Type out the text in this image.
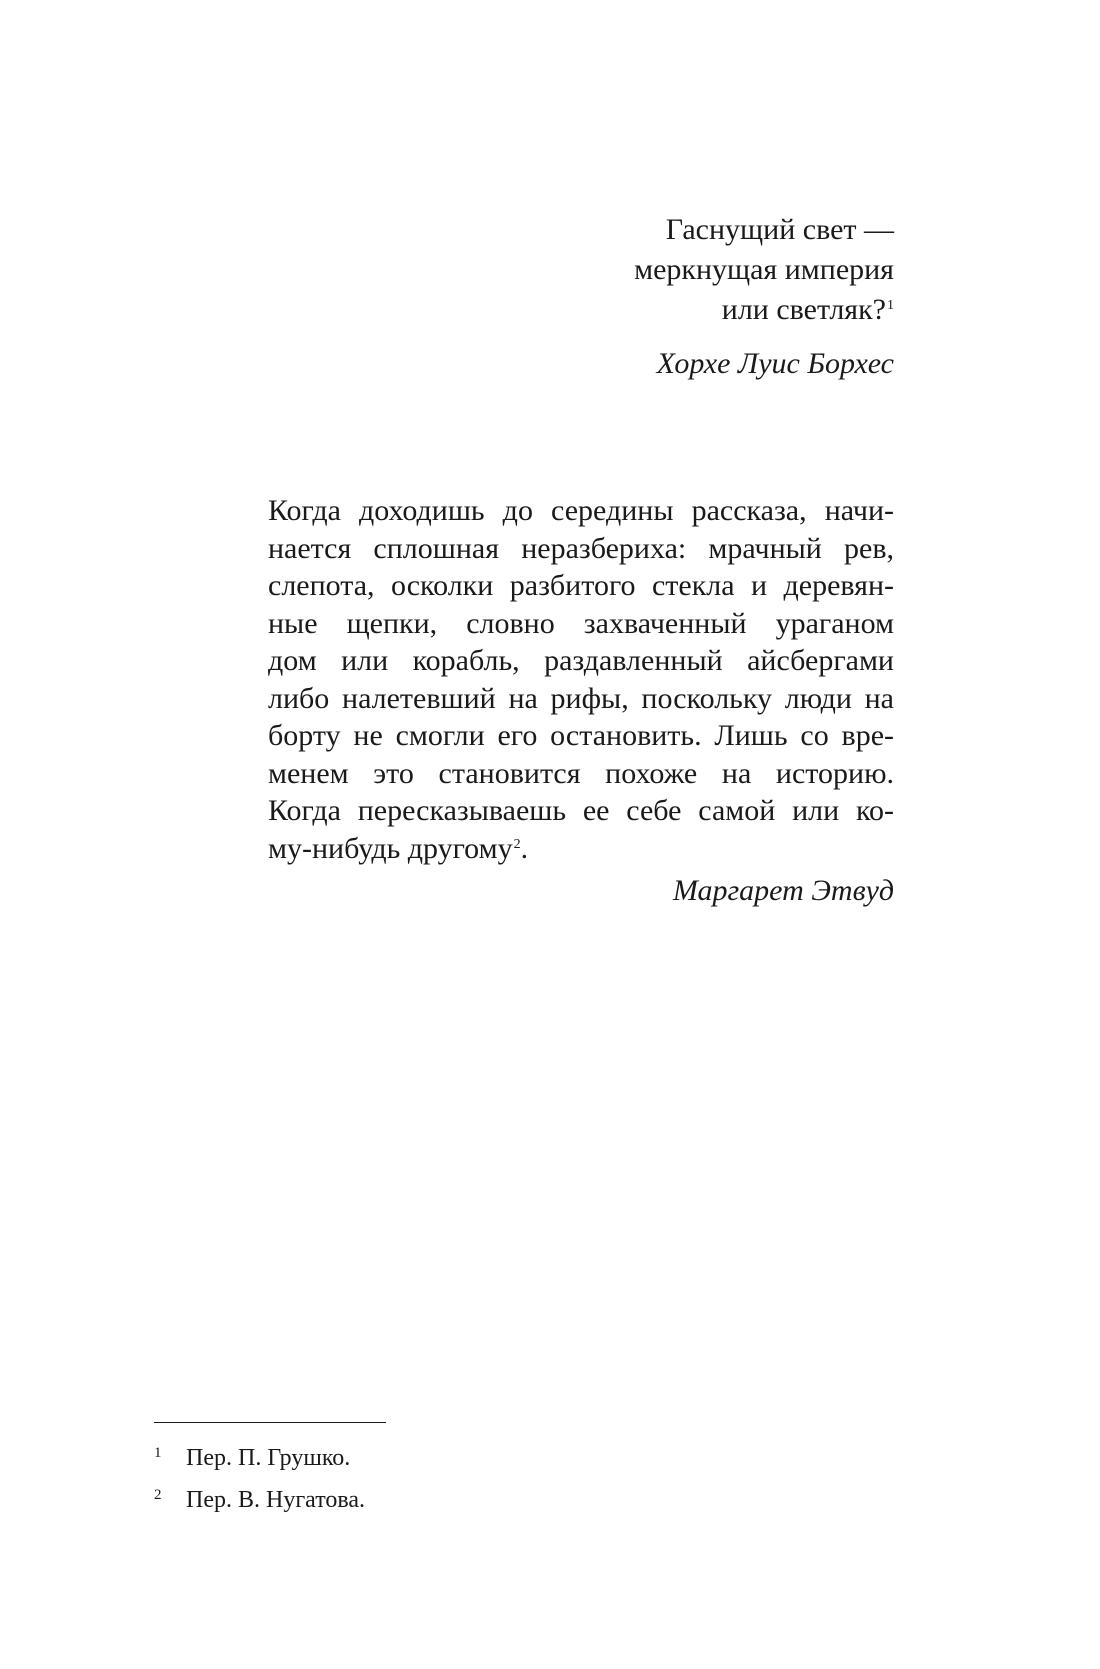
Гаснущий свет —
меркнущая империя
или светляк?$^1$
Хорхе Луис Борхес
Когда доходишь до середины рассказа, начи-
нается сплошная неразбериха: мрачный рев,
слепота, осколки разбитого стекла и деревян-
ные щепки, словно захваченный ураганом
дом или корабль, раздавленный айсбергами
либо налетевший на рифы, поскольку люди на
борту не смогли его остановить. Лишь со вре-
менем это становится похоже на историю.
Когда пересказываешь ее себе самой или ко-
му-нибудь другому$^2$.
Маргарет Этвуд
1	Пер. П. Грушко.
2	Пер. В. Нугатова.
